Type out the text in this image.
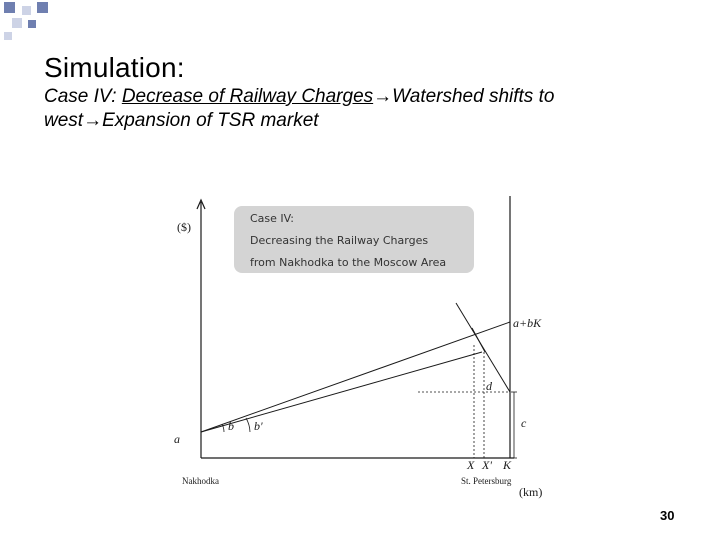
Simulation:
Case IV: Decrease of Railway Charges→Watershed shifts to
west→Expansion of TSR market
Case IV:
Decreasing the Railway Charges
from Nakhodka to the Moscow Area
($)
(km)
a+bK
d
c
a
b b'
X X' K
Nakhodka	St. Petersburg
30
